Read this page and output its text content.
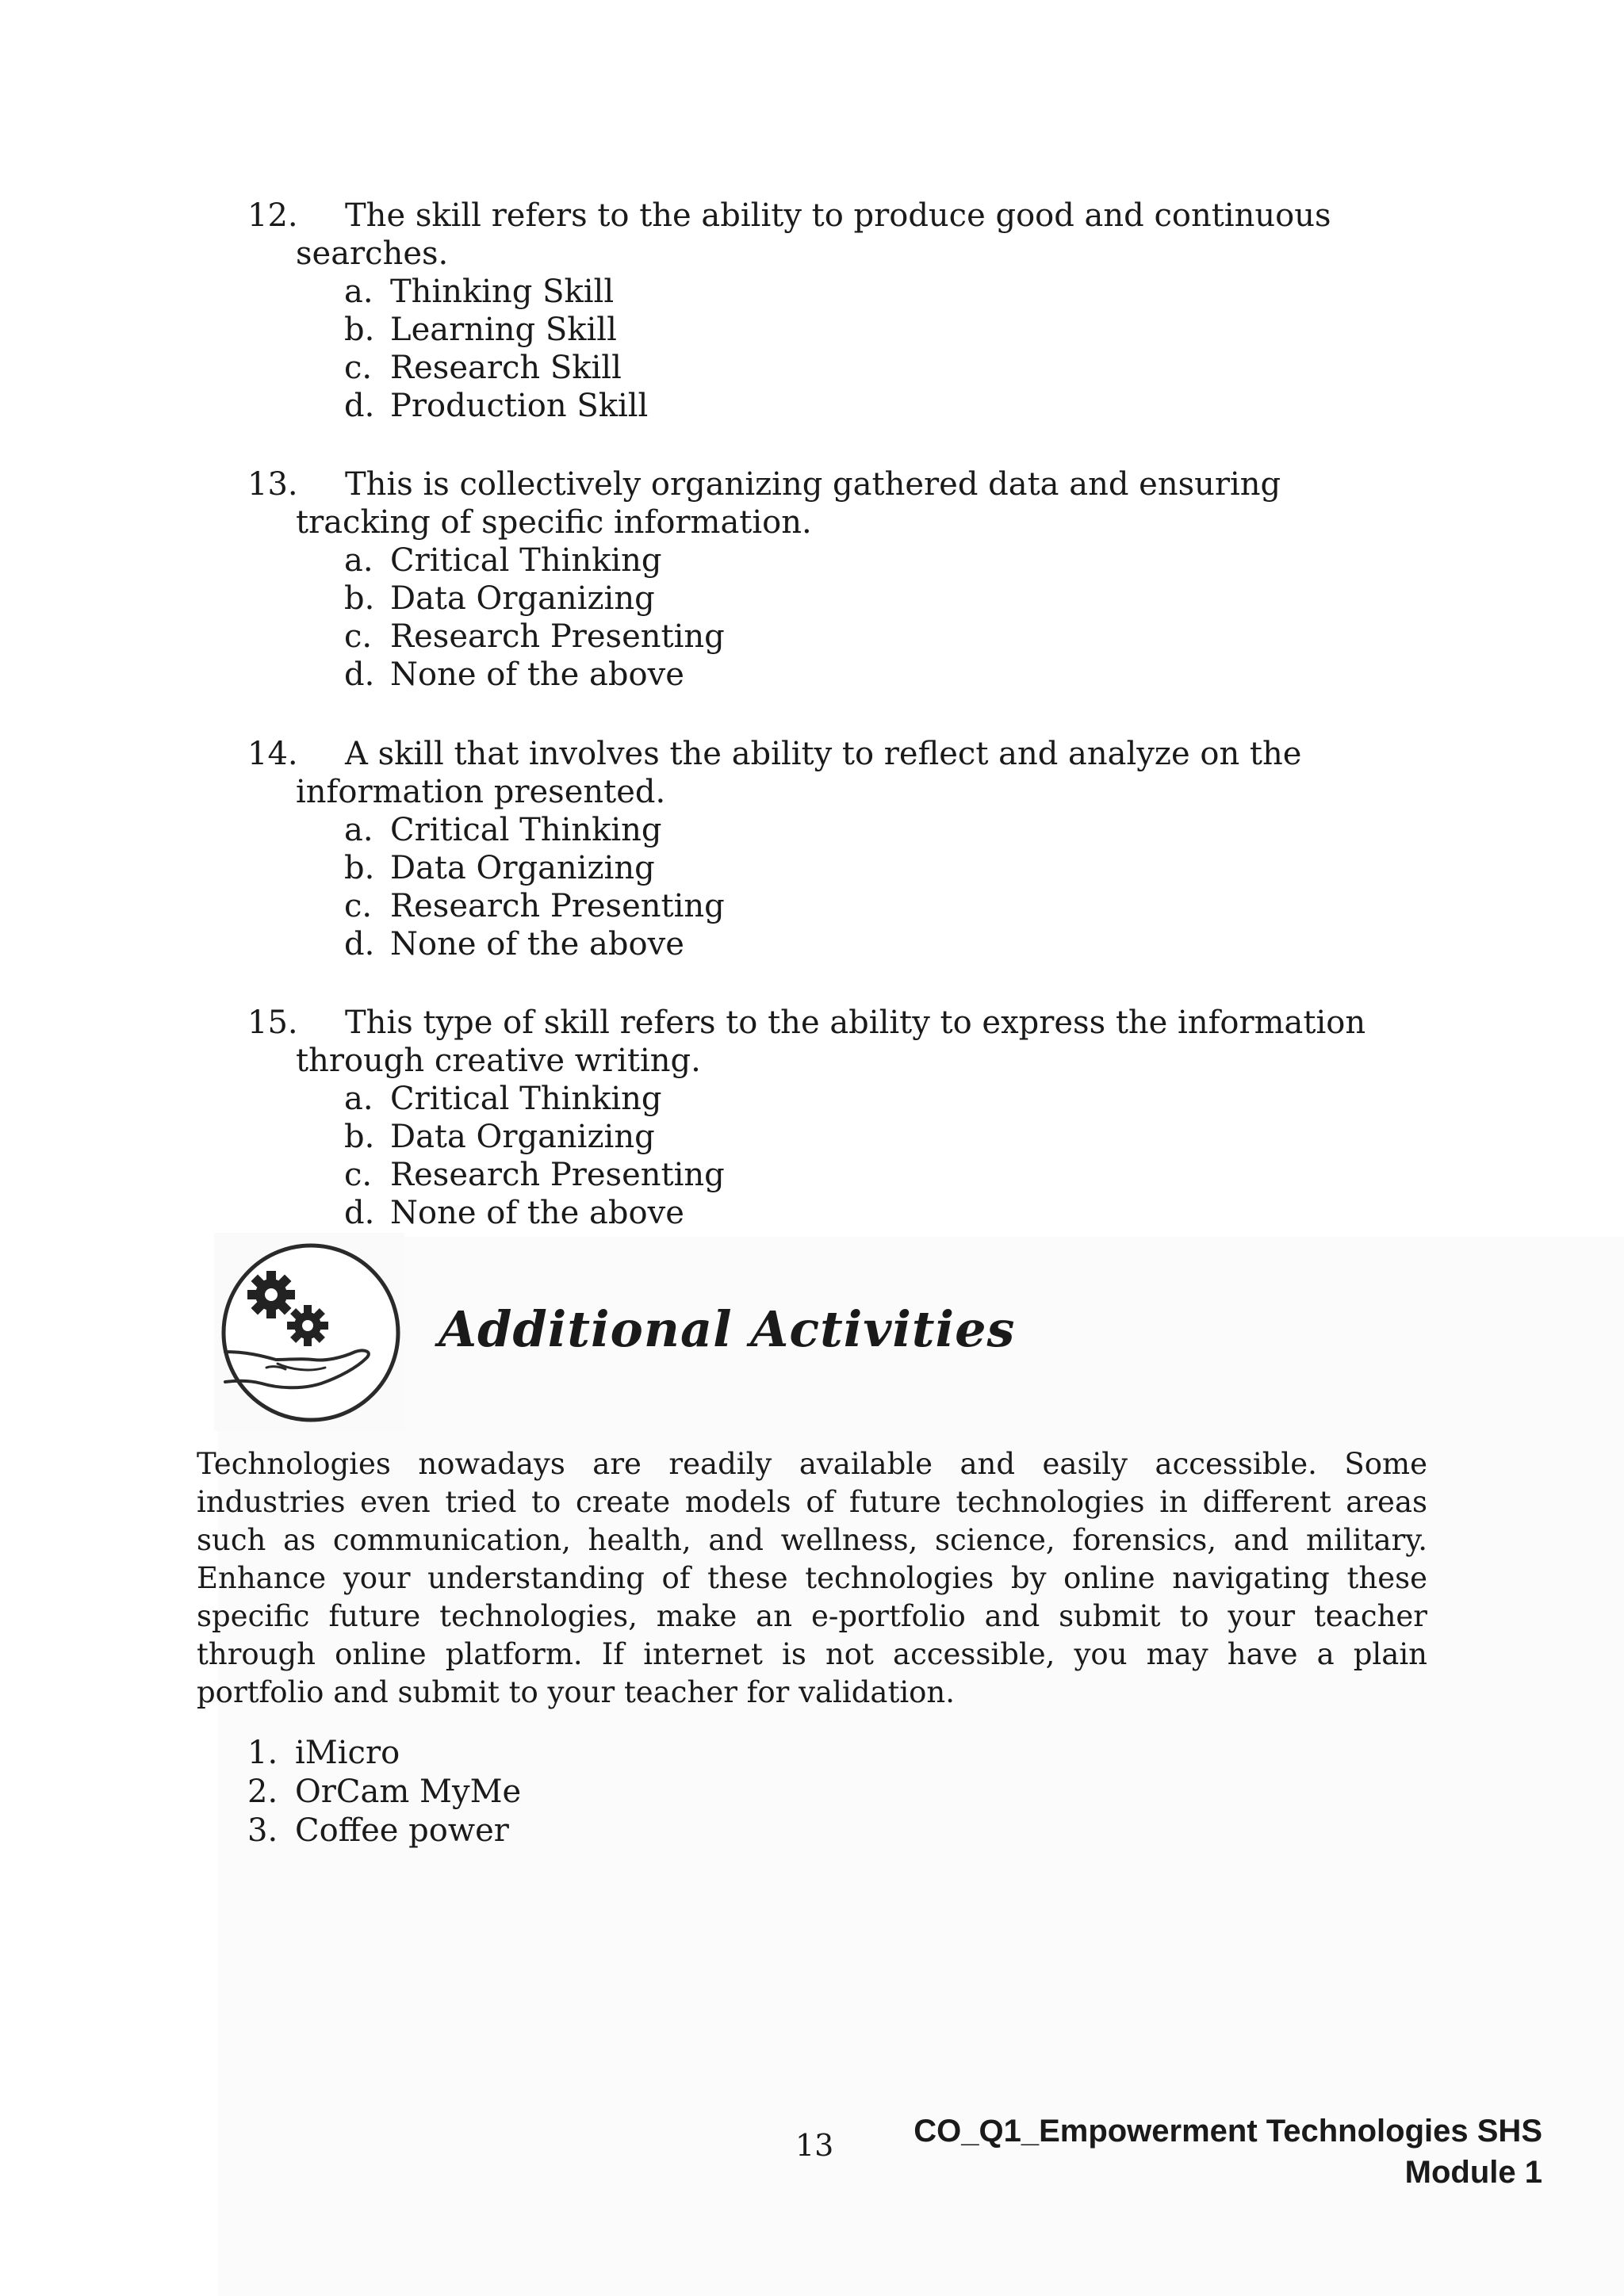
12. The skill refers to the ability to produce good and continuous
searches.
a. Thinking Skill
b. Learning Skill
c. Research Skill
d. Production Skill
13. This is collectively organizing gathered data and ensuring
tracking of specific information.
a. Critical Thinking
b. Data Organizing
c. Research Presenting
d. None of the above
14. A skill that involves the ability to reflect and analyze on the
information presented.
a. Critical Thinking
b. Data Organizing
c. Research Presenting
d. None of the above
15. This type of skill refers to the ability to express the information
through creative writing.
a. Critical Thinking
b. Data Organizing
c. Research Presenting
d. None of the above
Additional Activities

Technologies nowadays are readily available and easily accessible. Some industries even tried to create models of future technologies in different areas such as communication, health, and wellness, science, forensics, and military. Enhance your understanding of these technologies by online navigating these specific future technologies, make an e-portfolio and submit to your teacher through online platform. If internet is not accessible, you may have a plain portfolio and submit to your teacher for validation.

1. iMicro
2. OrCam MyMe
3. Coffee power
13	CO_Q1_Empowerment Technologies SHS
Module 1
